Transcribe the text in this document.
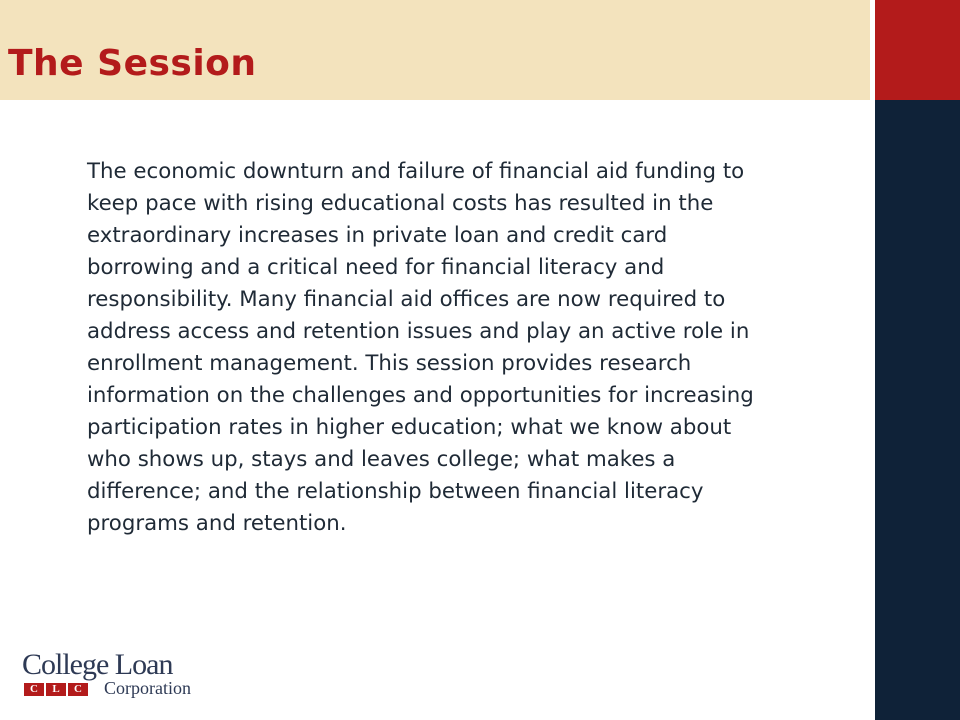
The Session

The economic downturn and failure of financial aid funding to
keep pace with rising educational costs has resulted in the
extraordinary increases in private loan and credit card
borrowing and a critical need for financial literacy and
responsibility. Many financial aid offices are now required to
address access and retention issues and play an active role in
enrollment management. This session provides research
information on the challenges and opportunities for increasing
participation rates in higher education; what we know about
who shows up, stays and leaves college; what makes a
difference; and the relationship between financial literacy
programs and retention.

College Loan
C	L	C	Corporation
